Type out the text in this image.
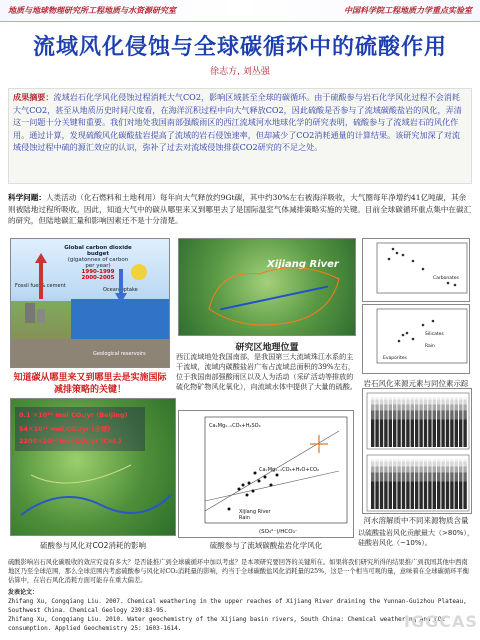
地质与地球物理研究所工程地质与水资源研究室	中国科学院工程地质力学重点实验室
流域风化侵蚀与全球碳循环中的硫酸作用
徐志方, 刘丛强
成果摘要：流域岩石化学风化侵蚀过程消耗大气CO2，影响区域甚至全球的碳循环。由于硫酸参与岩石化学风化过程不会消耗大气CO2，甚至从地质历史时间尺度看，在海洋沉积过程中向大气释放CO2，因此硫酸是否参与了流域碳酸盐岩的风化，弄清这一问题十分关键和重要。我们对地处我国南部强酸雨区的西江流域河水地球化学的研究表明，硫酸参与了流域岩石的风化作用。通过计算，发现硫酸风化碳酸盐岩提高了流域的岩石侵蚀速率，但却减少了CO2消耗通量的计算结果。该研究加深了对流域侵蚀过程中硫的源汇效应的认识，弥补了过去对流域侵蚀排获CO2研究的不足之处。
科学问题：人类活动（化石燃料和土地利用）每年向大气释放约9Gt碳，其中约30%左右被海洋吸收，大气圈每年净增约41亿吨碳，其余则被陆地过程所吸收。因此，知道大气中的碳从哪里来又到哪里去了是国际温室气体减排策略实施的关键。目前全球碳循环重点集中在碳汇的研究，但陆地碳汇量和影响因素还不是十分清楚。
Global carbon dioxide budget
(gigatonnes of carbon per year)
1990-1999
2000-2005
Fossil fuel & cement
Ocean uptake
Geological reservoirs
知道碳从哪里来又到哪里去是实施国际减排策略的关键！
0.1 ✕10¹² mol CO₂/yr (Beijing)
54✕10¹² mol CO₂/yr (全球)
2200✕10¹² mol CO₂/yr (Cnt.)
硫酸参与风化对CO2消耗的影响
Xijiang River
研究区地理位置
西江流域地处我国南部，是我国第三大流域珠江水系的主干流域，流域内碳酸盐岩广布占流域总面积的39%左右，位于我国南部强酸雨区以及人为活动（采矿活动等排放的硫化物矿物风化氧化），向流域水体中提供了大量的硫酸。
CaₓMg₁₋ₓCO₃+H₂SO₄
CaₓMg₁₋ₓCO₃+H₂O+CO₂
Xijiang River
Rain
(SO₄²⁻)/HCO₃⁻
硫酸参与了流域碳酸盐岩化学风化
Carbonates
Silicates
Evaporites
Rain
岩石风化来源元素与同位素示踪
河水溶解质中不同来源物质含量
以硫酸盐岩风化贡献最大（>80%），硅酸岩风化（~10%）。
硫酸影响岩石风化碳吸收的效应究竟有多大？是否能推广到全球碳循环中加以考虑？是本项研究要回答的关键所在。如果将我们研究所得的结果推广到我国其他中西南地区乃至全球范围，那么全球范围内考虑硫酸参与风化对CO₂消耗量的影响，约当于全球碳酸盐风化消耗量的25%，这是一个相当可观的量，意味着在全球碳循环平衡估算中，在岩石风化消耗方面可能存在重大偏差。
发表论文：
Zhifang Xu, Congqiang Liu. 2007. Chemical weathering in the upper reaches of Xijiang River draining the Yunnan-Guizhou Plateau, Southwest China. Chemical Geology 239:83-95.
Zhifang Xu, Congqiang Liu. 2010. Water geochemistry of the Xijiang basin rivers, South China: Chemical weathering and CO2 consumption. Applied Geochemistry 25: 1603-1614.	IGGCAS
